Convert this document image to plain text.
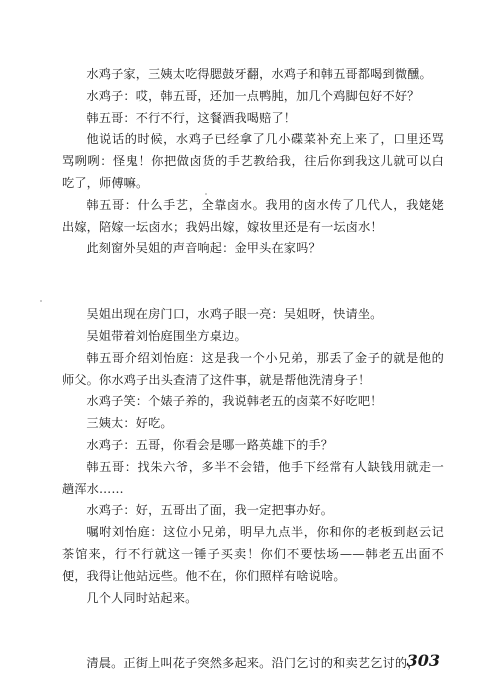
水鸡子家，三姨太吃得腮鼓牙翻，水鸡子和韩五哥都喝到微醺。

水鸡子：哎，韩五哥，还加一点鸭肫，加几个鸡脚包好不好？

韩五哥：不行不行，这餐酒我喝赔了！

他说话的时候，水鸡子已经拿了几小碟菜补充上来了，口里还骂骂咧咧：怪鬼！你把做卤货的手艺教给我，往后你到我这儿就可以白吃了，师傅嘛。

韩五哥：什么手艺，全靠卤水。我用的卤水传了几代人，我姥姥出嫁，陪嫁一坛卤水；我妈出嫁，嫁妆里还是有一坛卤水！

此刻窗外吴姐的声音响起：金甲头在家吗？

吴姐出现在房门口，水鸡子眼一亮：吴姐呀，快请坐。

吴姐带着刘怡庭围坐方桌边。

韩五哥介绍刘怡庭：这是我一个小兄弟，那丢了金子的就是他的师父。你水鸡子出头查清了这件事，就是帮他洗清身子！

水鸡子笑：个婊子养的，我说韩老五的卤菜不好吃吧！

三姨太：好吃。

水鸡子：五哥，你看会是哪一路英雄下的手？

韩五哥：找朱六爷，多半不会错，他手下经常有人缺钱用就走一趟浑水……

水鸡子：好，五哥出了面，我一定把事办好。

嘱咐刘怡庭：这位小兄弟，明早九点半，你和你的老板到赵云记茶馆来，行不行就这一锤子买卖！你们不要怯场——韩老五出面不便，我得让他站远些。他不在，你们照样有啥说啥。

几个人同时站起来。

清晨。正街上叫花子突然多起来。沿门乞讨的和卖艺乞讨的，

303
